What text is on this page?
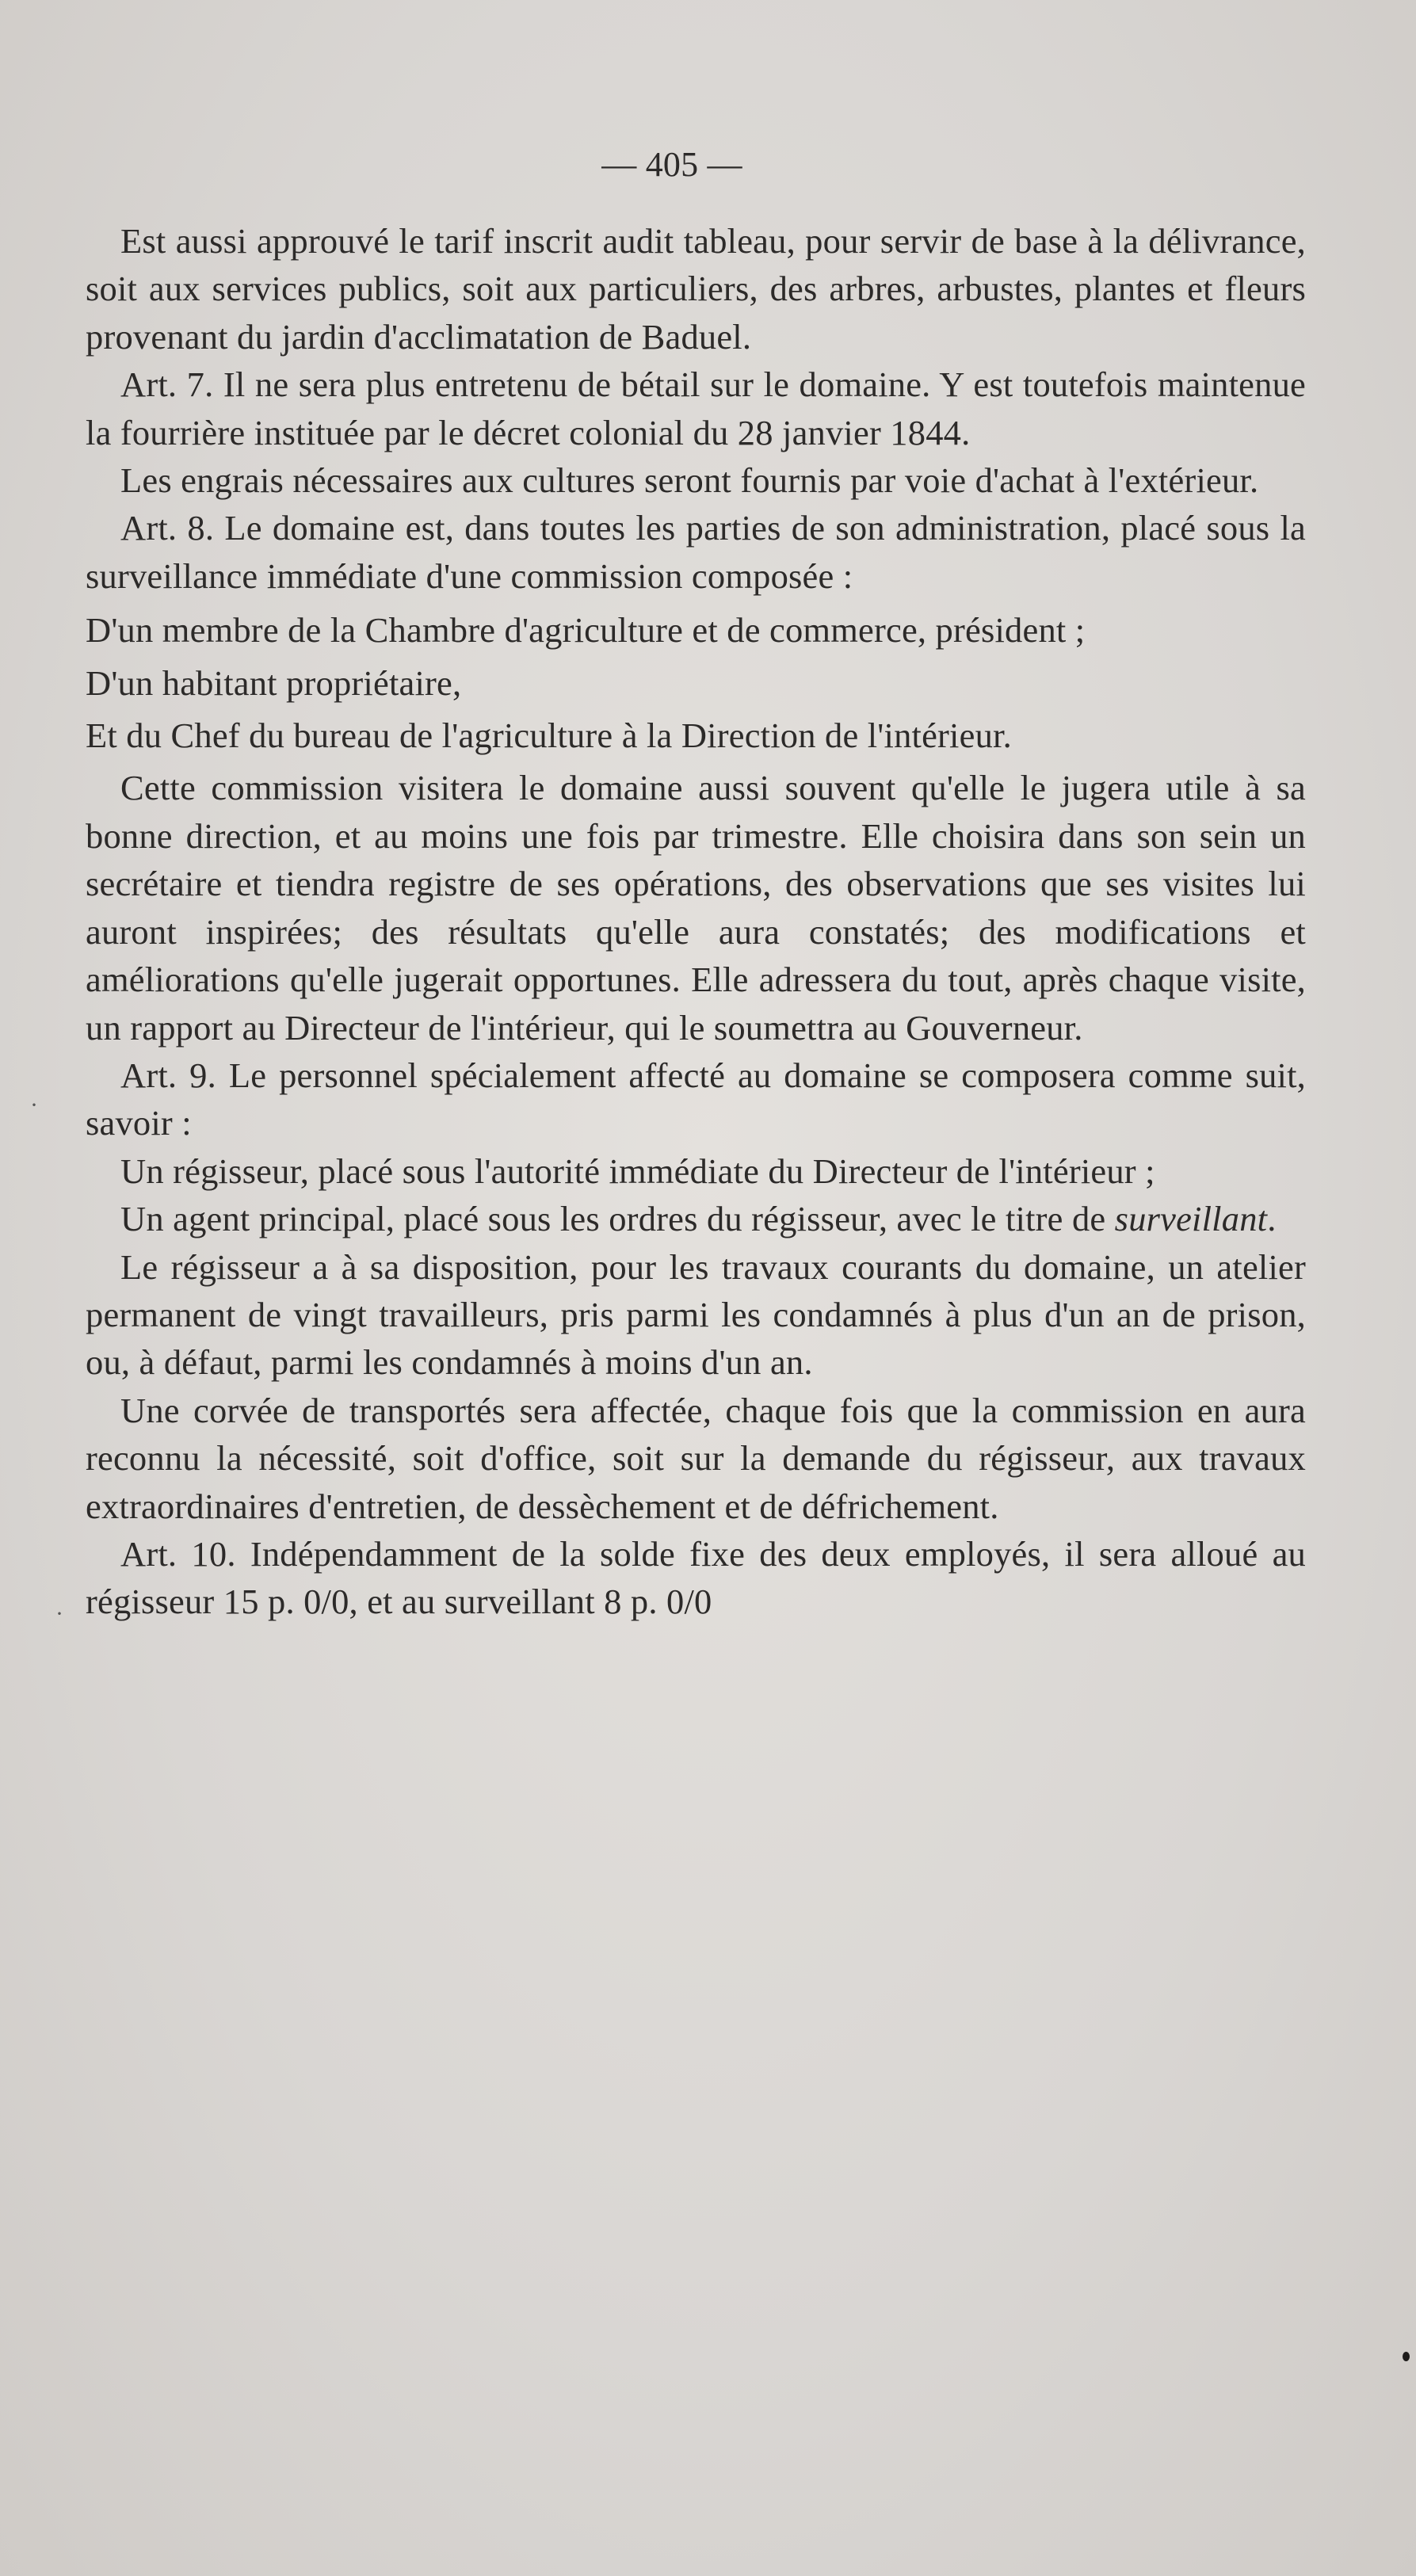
— 405 —

Est aussi approuvé le tarif inscrit audit tableau, pour servir de base à la délivrance, soit aux services publics, soit aux particuliers, des arbres, arbustes, plantes et fleurs provenant du jardin d'acclimatation de Baduel.

Art. 7. Il ne sera plus entretenu de bétail sur le domaine. Y est toutefois maintenue la fourrière instituée par le décret colonial du 28 janvier 1844.

Les engrais nécessaires aux cultures seront fournis par voie d'achat à l'extérieur.

Art. 8. Le domaine est, dans toutes les parties de son administration, placé sous la surveillance immédiate d'une commission composée :

D'un membre de la Chambre d'agriculture et de commerce, président ;

D'un habitant propriétaire,

Et du Chef du bureau de l'agriculture à la Direction de l'intérieur.

Cette commission visitera le domaine aussi souvent qu'elle le jugera utile à sa bonne direction, et au moins une fois par trimestre. Elle choisira dans son sein un secrétaire et tiendra registre de ses opérations, des observations que ses visites lui auront inspirées; des résultats qu'elle aura constatés; des modifications et améliorations qu'elle jugerait opportunes. Elle adressera du tout, après chaque visite, un rapport au Directeur de l'intérieur, qui le soumettra au Gouverneur.

Art. 9. Le personnel spécialement affecté au domaine se composera comme suit, savoir :

Un régisseur, placé sous l'autorité immédiate du Directeur de l'intérieur ;

Un agent principal, placé sous les ordres du régisseur, avec le titre de surveillant.

Le régisseur a à sa disposition, pour les travaux courants du domaine, un atelier permanent de vingt travailleurs, pris parmi les condamnés à plus d'un an de prison, ou, à défaut, parmi les condamnés à moins d'un an.

Une corvée de transportés sera affectée, chaque fois que la commission en aura reconnu la nécessité, soit d'office, soit sur la demande du régisseur, aux travaux extraordinaires d'entretien, de dessèchement et de défrichement.

Art. 10. Indépendamment de la solde fixe des deux employés, il sera alloué au régisseur 15 p. 0/0, et au surveillant 8 p. 0/0

·
·
